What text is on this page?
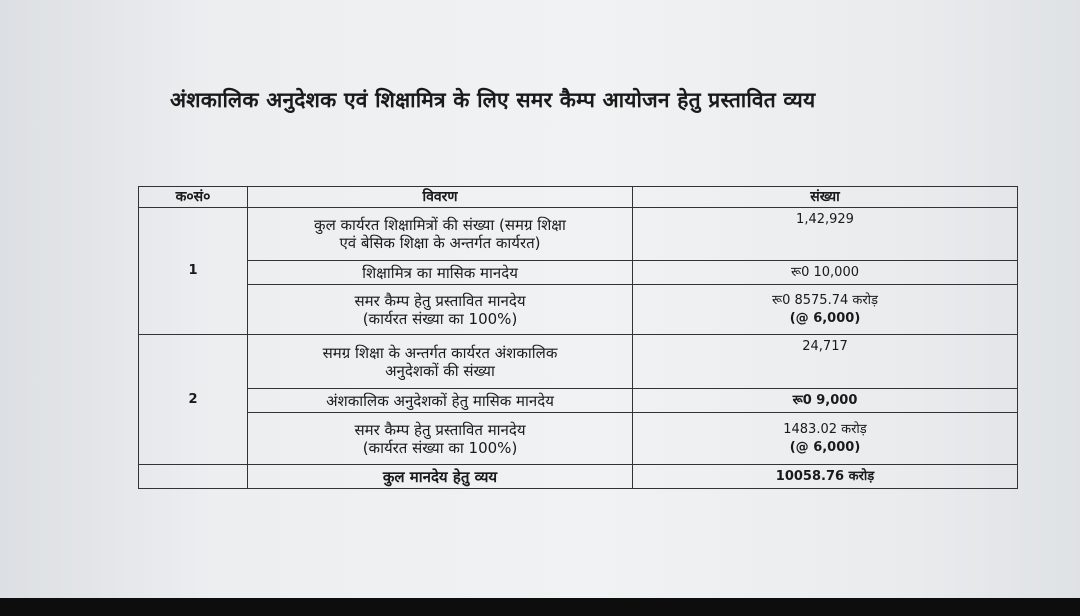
अंशकालिक अनुदेशक एवं शिक्षामित्र के लिए समर कैम्प आयोजन हेतु प्रस्तावित व्यय
क०सं०	विवरण	संख्या
1	कुल कार्यरत शिक्षामित्रों की संख्या (समग्र शिक्षा
एवं बेसिक शिक्षा के अन्तर्गत कार्यरत)	1,42,929

	शिक्षामित्र का मासिक मानदेय	रू0 10,000

	समर कैम्प हेतु प्रस्तावित मानदेय
(कार्यरत संख्या का 100%)	रू0 8575.74 करोड़
(@ 6,000)

2	समग्र शिक्षा के अन्तर्गत कार्यरत अंशकालिक
अनुदेशकों की संख्या	24,717

	अंशकालिक अनुदेशकों हेतु मासिक मानदेय	रू0 9,000

	समर कैम्प हेतु प्रस्तावित मानदेय
(कार्यरत संख्या का 100%)	1483.02 करोड़
(@ 6,000)

	कुल मानदेय हेतु व्यय	10058.76 करोड़
